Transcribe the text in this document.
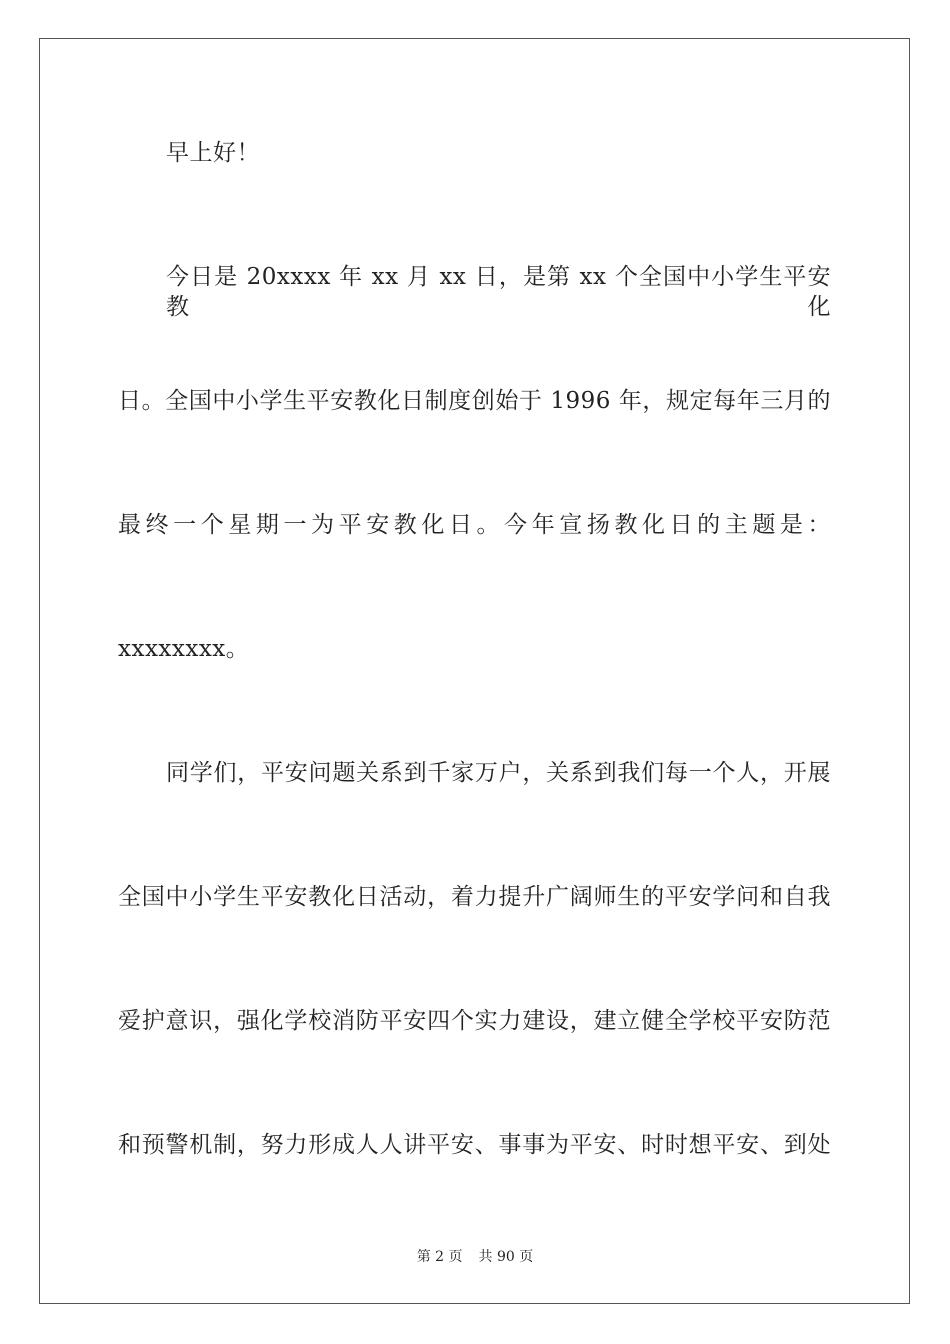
早上好！
今日是 20xxxx 年 xx 月 xx 日，是第 xx 个全国中小学生平安教化
日。全国中小学生平安教化日制度创始于 1996 年，规定每年三月的
最终一个星期一为平安教化日。今年宣扬教化日的主题是：
xxxxxxxx。
同学们，平安问题关系到千家万户，关系到我们每一个人，开展
全国中小学生平安教化日活动，着力提升广阔师生的平安学问和自我
爱护意识，强化学校消防平安四个实力建设，建立健全学校平安防范
和预警机制，努力形成人人讲平安、事事为平安、时时想平安、到处
第 2 页 共 90 页
